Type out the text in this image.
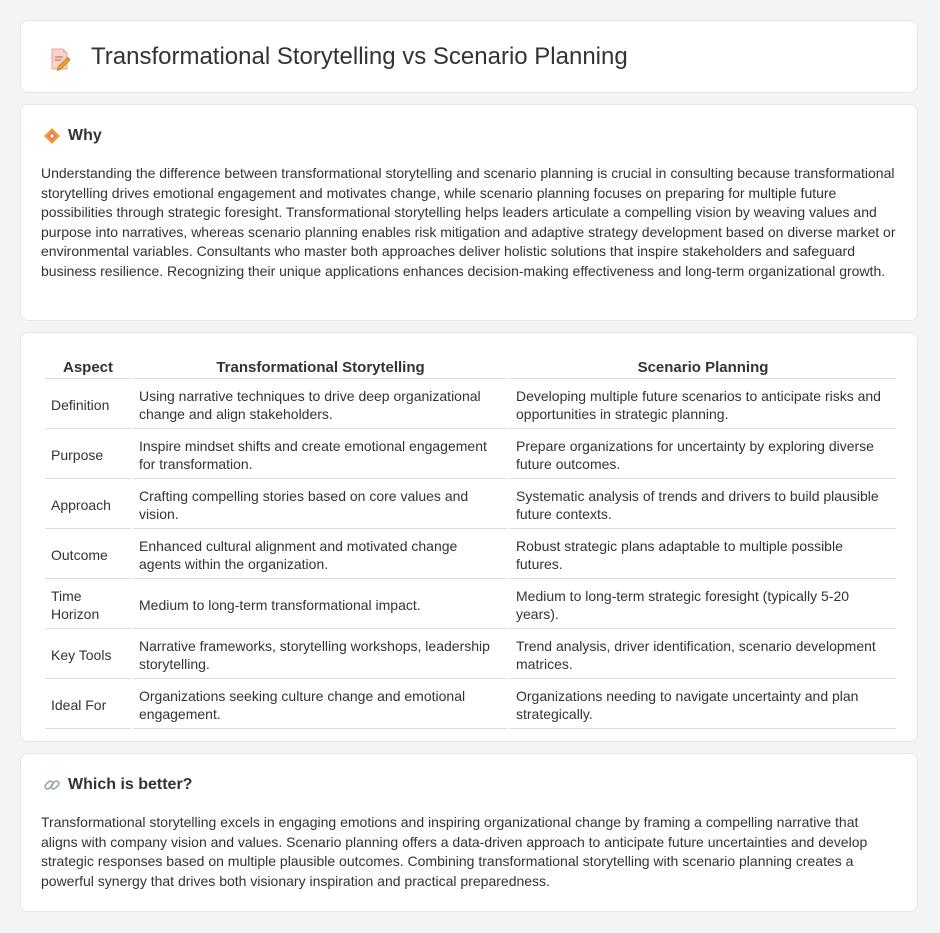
Transformational Storytelling vs Scenario Planning
Why

Understanding the difference between transformational storytelling and scenario planning is crucial in consulting because transformational storytelling drives emotional engagement and motivates change, while scenario planning focuses on preparing for multiple future possibilities through strategic foresight. Transformational storytelling helps leaders articulate a compelling vision by weaving values and purpose into narratives, whereas scenario planning enables risk mitigation and adaptive strategy development based on diverse market or environmental variables. Consultants who master both approaches deliver holistic solutions that inspire stakeholders and safeguard business resilience. Recognizing their unique applications enhances decision-making effectiveness and long-term organizational growth.

Aspect	Transformational Storytelling	Scenario Planning
Definition	Using narrative techniques to drive deep organizational change and align stakeholders.	Developing multiple future scenarios to anticipate risks and opportunities in strategic planning.
Purpose	Inspire mindset shifts and create emotional engagement for transformation.	Prepare organizations for uncertainty by exploring diverse future outcomes.
Approach	Crafting compelling stories based on core values and vision.	Systematic analysis of trends and drivers to build plausible future contexts.
Outcome	Enhanced cultural alignment and motivated change agents within the organization.	Robust strategic plans adaptable to multiple possible futures.
Time Horizon	Medium to long-term transformational impact.	Medium to long-term strategic foresight (typically 5-20 years).
Key Tools	Narrative frameworks, storytelling workshops, leadership storytelling.	Trend analysis, driver identification, scenario development matrices.
Ideal For	Organizations seeking culture change and emotional engagement.	Organizations needing to navigate uncertainty and plan strategically.
Which is better?

Transformational storytelling excels in engaging emotions and inspiring organizational change by framing a compelling narrative that aligns with company vision and values. Scenario planning offers a data-driven approach to anticipate future uncertainties and develop strategic responses based on multiple plausible outcomes. Combining transformational storytelling with scenario planning creates a powerful synergy that drives both visionary inspiration and practical preparedness.
